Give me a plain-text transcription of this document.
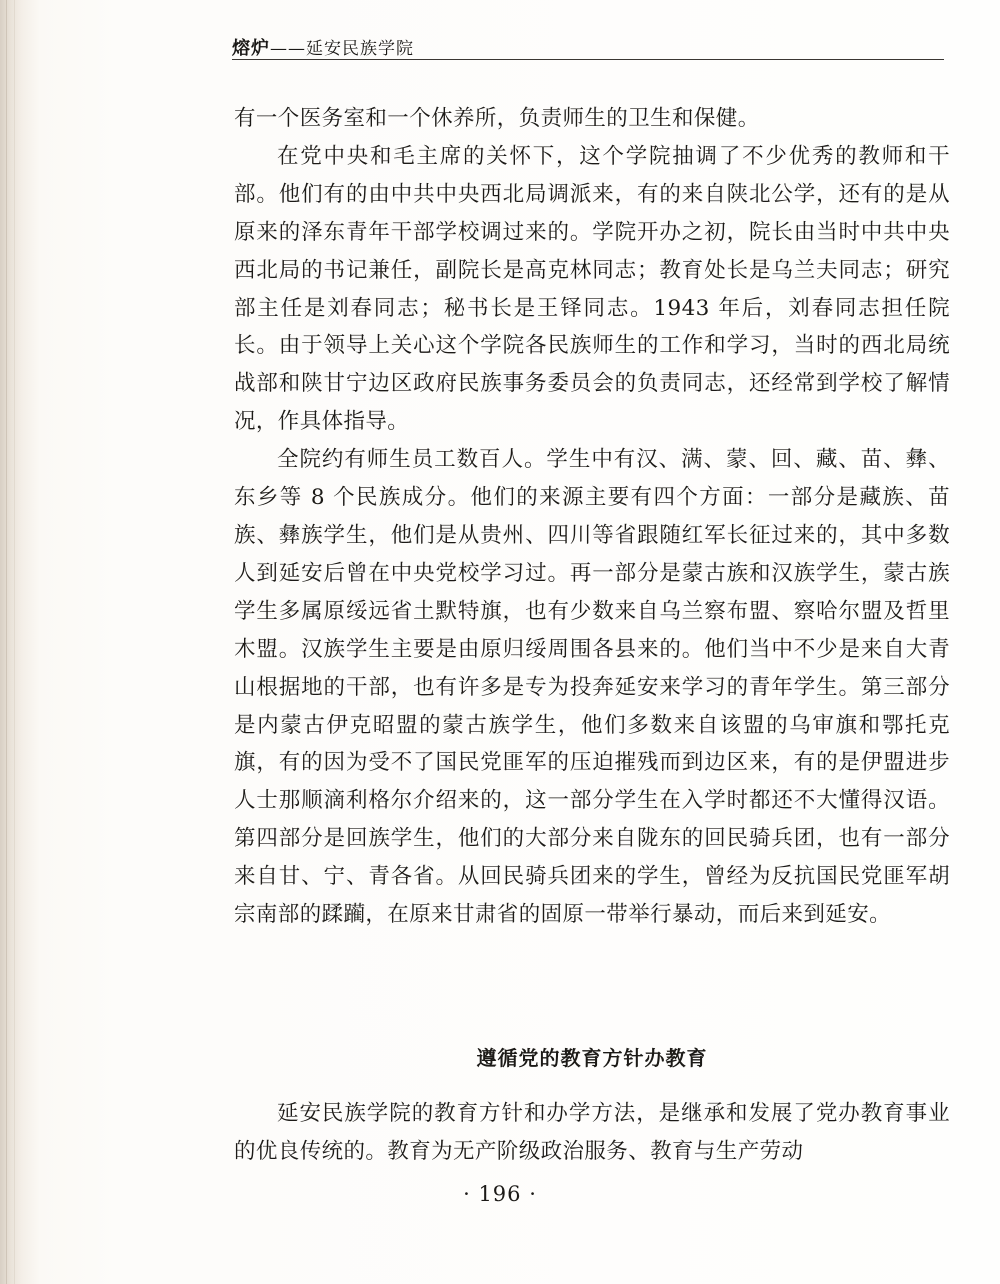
熔炉——延安民族学院

有一个医务室和一个休养所，负责师生的卫生和保健。

在党中央和毛主席的关怀下，这个学院抽调了不少优秀的教师和干部。他们有的由中共中央西北局调派来，有的来自陕北公学，还有的是从原来的泽东青年干部学校调过来的。学院开办之初，院长由当时中共中央西北局的书记兼任，副院长是高克林同志；教育处长是乌兰夫同志；研究部主任是刘春同志；秘书长是王铎同志。1943 年后，刘春同志担任院长。由于领导上关心这个学院各民族师生的工作和学习，当时的西北局统战部和陕甘宁边区政府民族事务委员会的负责同志，还经常到学校了解情况，作具体指导。

全院约有师生员工数百人。学生中有汉、满、蒙、回、藏、苗、彝、东乡等 8 个民族成分。他们的来源主要有四个方面：一部分是藏族、苗族、彝族学生，他们是从贵州、四川等省跟随红军长征过来的，其中多数人到延安后曾在中央党校学习过。再一部分是蒙古族和汉族学生，蒙古族学生多属原绥远省土默特旗，也有少数来自乌兰察布盟、察哈尔盟及哲里木盟。汉族学生主要是由原归绥周围各县来的。他们当中不少是来自大青山根据地的干部，也有许多是专为投奔延安来学习的青年学生。第三部分是内蒙古伊克昭盟的蒙古族学生，他们多数来自该盟的乌审旗和鄂托克旗，有的因为受不了国民党匪军的压迫摧残而到边区来，有的是伊盟进步人士那顺滴利格尔介绍来的，这一部分学生在入学时都还不大懂得汉语。第四部分是回族学生，他们的大部分来自陇东的回民骑兵团，也有一部分来自甘、宁、青各省。从回民骑兵团来的学生，曾经为反抗国民党匪军胡宗南部的蹂躏，在原来甘肃省的固原一带举行暴动，而后来到延安。

遵循党的教育方针办教育

延安民族学院的教育方针和办学方法，是继承和发展了党办教育事业的优良传统的。教育为无产阶级政治服务、教育与生产劳动

· 196 ·
